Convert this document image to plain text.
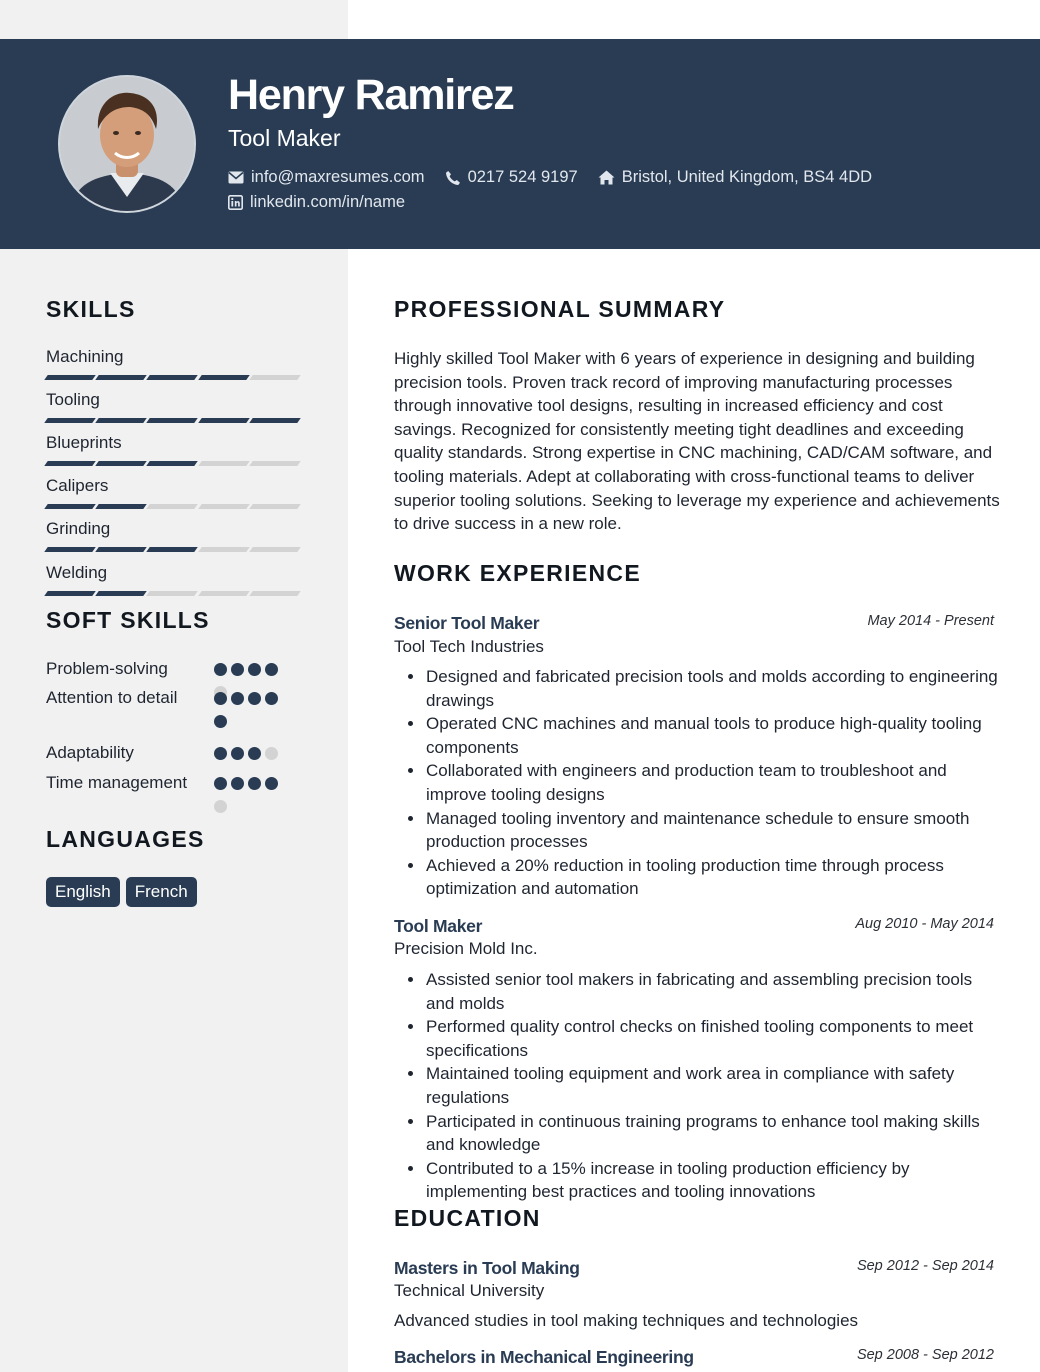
Henry Ramirez
Tool Maker
info@maxresumes.com	0217 524 9197	Bristol, United Kingdom, BS4 4DD
linkedin.com/in/name
SKILLS
Machining
Tooling
Blueprints
Calipers
Grinding
Welding
SOFT SKILLS
Problem-solving
Attention to detail
Adaptability
Time management
LANGUAGES
English	French
PROFESSIONAL SUMMARY
Highly skilled Tool Maker with 6 years of experience in designing and building precision tools. Proven track record of improving manufacturing processes through innovative tool designs, resulting in increased efficiency and cost savings. Recognized for consistently meeting tight deadlines and exceeding quality standards. Strong expertise in CNC machining, CAD/CAM software, and tooling materials. Adept at collaborating with cross-functional teams to deliver superior tooling solutions. Seeking to leverage my experience and achievements to drive success in a new role.
WORK EXPERIENCE
Senior Tool Maker	May 2014 - Present
Tool Tech Industries
Designed and fabricated precision tools and molds according to engineering drawings
Operated CNC machines and manual tools to produce high-quality tooling components
Collaborated with engineers and production team to troubleshoot and improve tooling designs
Managed tooling inventory and maintenance schedule to ensure smooth production processes
Achieved a 20% reduction in tooling production time through process optimization and automation
Tool Maker	Aug 2010 - May 2014
Precision Mold Inc.
Assisted senior tool makers in fabricating and assembling precision tools and molds
Performed quality control checks on finished tooling components to meet specifications
Maintained tooling equipment and work area in compliance with safety regulations
Participated in continuous training programs to enhance tool making skills and knowledge
Contributed to a 15% increase in tooling production efficiency by implementing best practices and tooling innovations
EDUCATION
Masters in Tool Making	Sep 2012 - Sep 2014
Technical University
Advanced studies in tool making techniques and technologies
Bachelors in Mechanical Engineering	Sep 2008 - Sep 2012
